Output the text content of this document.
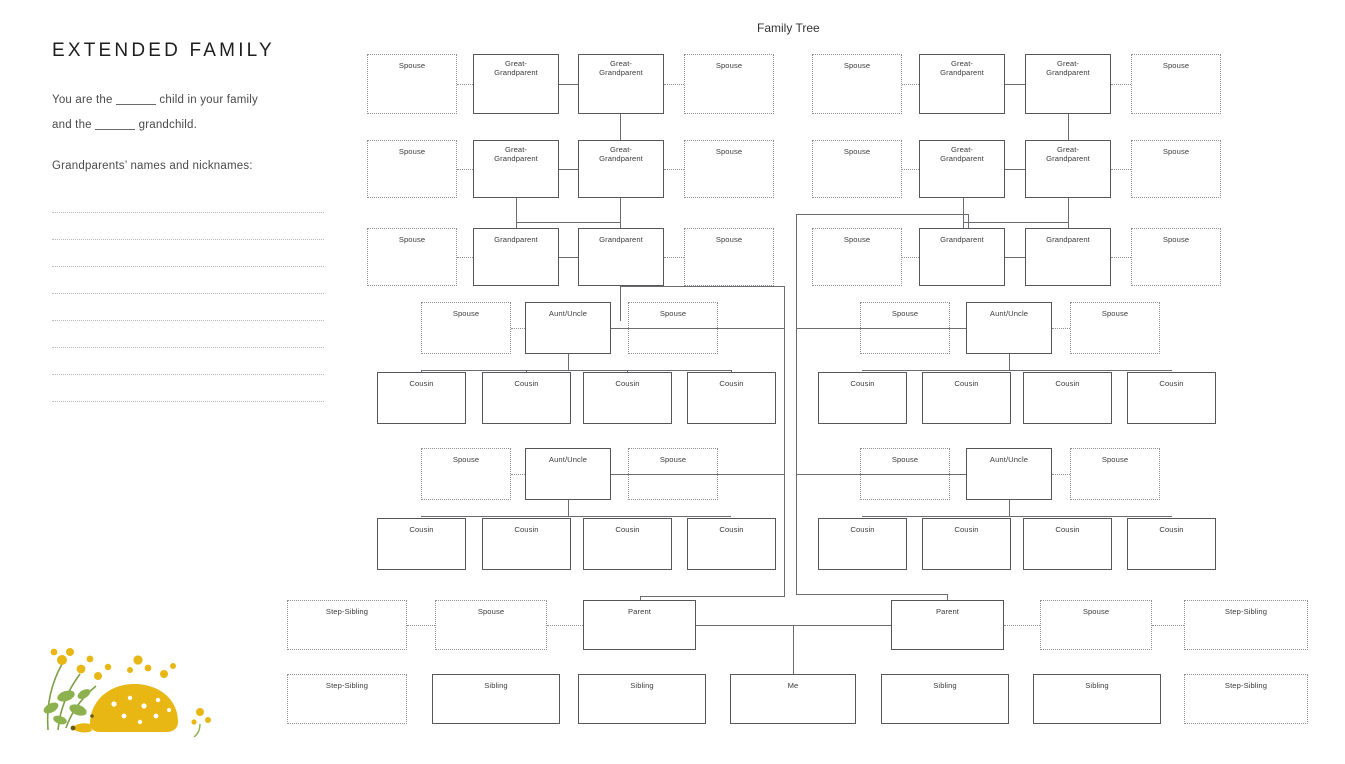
Family Tree
EXTENDED FAMILY
You are the	child in your family
and the	grandchild.
Grandparents’ names and nicknames:
Spouse	Great-
Grandparent
Great-
Grandparent
Spouse	Spouse	Great-
Grandparent
Great-
Grandparent
Spouse
Spouse	Great-
Grandparent
Great-
Grandparent
Spouse	Spouse	Great-
Grandparent
Great-
Grandparent
Spouse
Spouse	Grandparent	Grandparent	Spouse	Spouse	Grandparent	Grandparent	Spouse
Spouse	Aunt/Uncle	Spouse	Spouse	Aunt/Uncle	Spouse
Cousin	Cousin	Cousin	Cousin	Cousin	Cousin	Cousin	Cousin
Spouse	Aunt/Uncle	Spouse	Spouse	Aunt/Uncle	Spouse
Cousin	Cousin	Cousin	Cousin	Cousin	Cousin	Cousin	Cousin
Step-Sibling	Spouse	Parent	Parent	Spouse	Step-Sibling
Step-Sibling	Sibling	Sibling	Me	Sibling	Sibling	Step-Sibling
